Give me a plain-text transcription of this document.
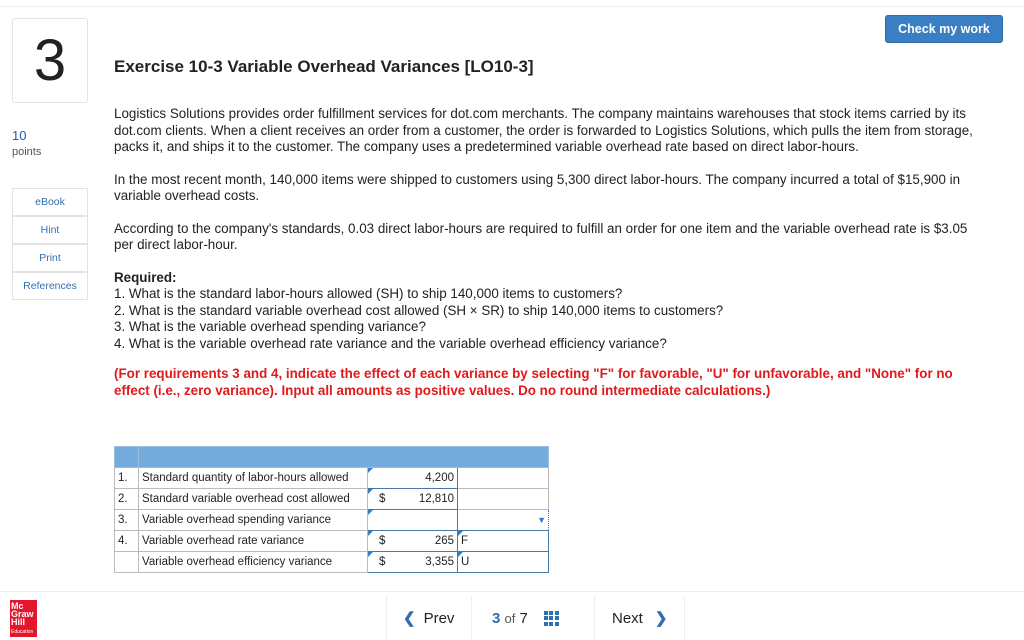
Check my work
3
10
points
eBook
Hint
Print
References
Exercise 10-3 Variable Overhead Variances [LO10-3]

Logistics Solutions provides order fulfillment services for dot.com merchants. The company maintains warehouses that stock items carried by its dot.com clients. When a client receives an order from a customer, the order is forwarded to Logistics Solutions, which pulls the item from storage, packs it, and ships it to the customer. The company uses a predetermined variable overhead rate based on direct labor-hours.

In the most recent month, 140,000 items were shipped to customers using 5,300 direct labor-hours. The company incurred a total of $15,900 in variable overhead costs.

According to the company's standards, 0.03 direct labor-hours are required to fulfill an order for one item and the variable overhead rate is $3.05 per direct labor-hour.

Required:
1. What is the standard labor-hours allowed (SH) to ship 140,000 items to customers?
2. What is the standard variable overhead cost allowed (SH × SR) to ship 140,000 items to customers?
3. What is the variable overhead spending variance?
4. What is the variable overhead rate variance and the variable overhead efficiency variance?
(For requirements 3 and 4, indicate the effect of each variance by selecting "F" for favorable, "U" for unfavorable, and "None" for no effect (i.e., zero variance). Input all amounts as positive values. Do no round intermediate calculations.)

1.	Standard quantity of labor-hours allowed	4,200	

2.	Standard variable overhead cost allowed	$ 12,810	

3.	Variable overhead spending variance		▼

4.	Variable overhead rate variance	$ 265	F
	Variable overhead efficiency variance	$ 3,355	U
Mc
Graw
Hill
Education
❮ Prev	3
of
7	Next ❯
